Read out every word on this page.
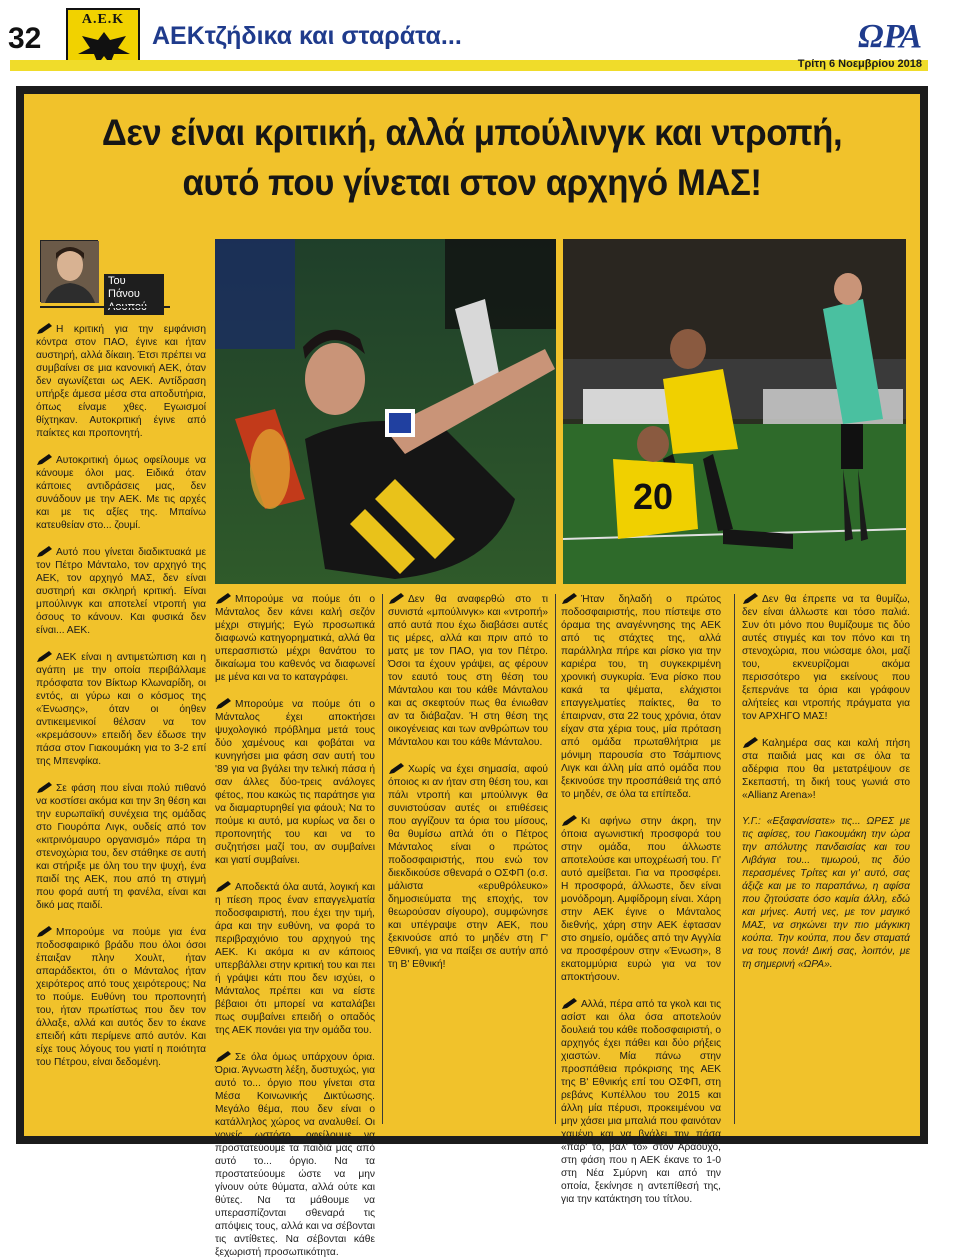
32
Α.Ε.Κ
ΑΕΚτζήδικα και σταράτα...	ΩΡΑ
Τρίτη 6 Νοεμβρίου 2018
Δεν είναι κριτική, αλλά μπούλινγκ και ντροπή,
αυτό που γίνεται στον αρχηγό ΜΑΣ!
Του Πάνου
20

Η κριτική για την εμφάνιση κόντρα στον ΠΑΟ, έγινε και ήταν αυστηρή, αλλά δίκαιη. Έτσι πρέπει να συμβαίνει σε μια κανονική ΑΕΚ, όταν δεν αγωνίζεται ως ΑΕΚ. Αντίδραση υπήρξε άμεσα μέσα στα αποδυτήρια, όπως είναμε χθες. Εγωισμοί θίχτηκαν. Αυτοκριτική έγινε από παίκτες και προπονητή.

Αυτοκριτική όμως οφείλουμε να κάνουμε όλοι μας. Ειδικά όταν κάποιες αντιδράσεις μας, δεν συνάδουν με την ΑΕΚ. Με τις αρχές και με τις αξίες της. Μπαίνω κατευθείαν στο... ζουμί.

Αυτό που γίνεται διαδικτυακά με τον Πέτρο Μάνταλο, τον αρχηγό της ΑΕΚ, τον αρχηγό ΜΑΣ, δεν είναι αυστηρή και σκληρή κριτική. Είναι μπούλινγκ και αποτελεί ντροπή για όσους το κάνουν. Και φυσικά δεν είναι... ΑΕΚ.

ΑΕΚ είναι η αντιμετώπιση και η αγάπη με την οποία περιβάλλαμε πρόσφατα τον Βίκτωρ Κλωναρίδη, οι εντός, αι γύρω και ο κόσμος της «Ένωσης», όταν οι όηθεν αντικειμενικοί θέλσαν να τον «κρεμάσουν» επειδή δεν έδωσε την πάσα στον Γιακουμάκη για το 3-2 επί της Μπενφίκα.

Σε φάση που είναι πολύ πιθανό να κοστίσει ακόμα και την 3η θέση και την ευρωπαϊκή συνέχεια της ομάδας στο Γιουρόπα Λιγκ, ουδείς από τον «κιτρινόμαυρο οργανισμό» πάρα τη στενοχώρια του, δεν στάθηκε σε αυτή και στήριξε με όλη του την ψυχή, ένα παιδί της ΑΕΚ, που από τη στιγμή που φορά αυτή τη φανέλα, είναι και δικό μας παιδί.

Μπορούμε να πούμε για ένα ποδοσφαιρικό βράδυ που όλοι όσοι έπαιξαν πλην Χουλτ, ήταν απαράδεκτοι, ότι ο Μάνταλος ήταν χειρότερος από τους χειρότερους; Να το πούμε. Ευθύνη του προπονητή του, ήταν πρωτίστως που δεν τον άλλαξε, αλλά και αυτός δεν το έκανε επειδή κάτι περίμενε από αυτόν. Και είχε τους λόγους του γιατί η ποιότητα του Πέτρου, είναι δεδομένη.

Μπορούμε να πούμε ότι ο Μάνταλος δεν κάνει καλή σεζόν μέχρι στιγμής; Εγώ προσωπικά διαφωνώ κατηγορηματικά, αλλά θα υπερασπιστώ μέχρι θανάτου το δικαίωμα του καθενός να διαφωνεί με μένα και να το καταγράφει.

Μπορούμε να πούμε ότι ο Μάνταλος έχει αποκτήσει ψυχολογικό πρόβλημα μετά τους δύο χαμένους και φοβάται να κυνηγήσει μια φάση σαν αυτή του '89 για να βγάλει την τελική πάσα ή σαν άλλες δύο-τρεις ανάλογες φέτος, που κακώς τις παράτησε για να διαμαρτυρηθεί για φάουλ; Να το πούμε κι αυτό, μα κυρίως να δει ο προπονητής του και να το συζητήσει μαζί του, αν συμβαίνει και γιατί συμβαίνει.

Αποδεκτά όλα αυτά, λογική και η πίεση προς έναν επαγγελματία ποδοσφαιριστή, που έχει την τιμή, άρα και την ευθύνη, να φορά το περιβραχιόνιο του αρχηγού της ΑΕΚ. Κι ακόμα κι αν κάποιος υπερβάλλει στην κριτική του και πει ή γράψει κάτι που δεν ισχύει, ο Μάνταλος πρέπει και να είστε βέβαιοι ότι μπορεί να καταλάβει πως συμβαίνει επειδή ο οπαδός της ΑΕΚ πονάει για την ομάδα του.

Σε όλα όμως υπάρχουν όρια. Όρια. Άγνωστη λέξη, δυστυχώς, για αυτό το... όργιο που γίνεται στα Μέσα Κοινωνικής Δικτύωσης. Μεγάλο θέμα, που δεν είναι ο κατάλληλος χώρος να αναλυθεί. Οι γονείς ωστόσο, οφείλουμε να προστατεύουμε τα παιδιά μας από αυτό το... όργιο. Να τα προστατεύουμε ώστε να μην γίνουν ούτε θύματα, αλλά ούτε και θύτες. Να τα μάθουμε να υπερασπίζονται σθεναρά τις απόψεις τους, αλλά και να σέβονται τις αντίθετες. Να σέβονται κάθε ξεχωριστή προσωπικότητα.

Δεν θα αναφερθώ στο τι συνιστά «μπούλινγκ» και «ντροπή» από αυτά που έχω διαβάσει αυτές τις μέρες, αλλά και πριν από το ματς με τον ΠΑΟ, για τον Πέτρο. Όσοι τα έχουν γράψει, ας φέρουν τον εαυτό τους στη θέση του Μάνταλου και του κάθε Μάνταλου και ας σκεφτούν πως θα ένιωθαν αν τα διάβαζαν. Ή στη θέση της οικογένειας και των ανθρώπων του Μάνταλου και του κάθε Μάνταλου.

Χωρίς να έχει σημασία, αφού όποιος κι αν ήταν στη θέση του, και πάλι ντροπή και μπούλινγκ θα συνιστούσαν αυτές οι επιθέσεις που αγγίζουν τα όρια του μίσους, θα θυμίσω απλά ότι ο Πέτρος Μάνταλος είναι ο πρώτος ποδοσφαιριστής, που ενώ τον διεκδικούσε σθεναρά ο ΟΣΦΠ (ο.σ. μάλιστα «ερυθρόλευκο» δημοσιεύματα της εποχής, τον θεωρούσαν σίγουρο), συμφώνησε και υπέγραψε στην ΑΕΚ, που ξεκινούσε από το μηδέν στη Γ' Εθνική, για να παίξει σε αυτήν από τη Β' Εθνική!

Ήταν δηλαδή ο πρώτος ποδοσφαιριστής, που πίστεψε στο όραμα της αναγέννησης της ΑΕΚ από τις στάχτες της, αλλά παράλληλα πήρε και ρίσκο για την καριέρα του, τη συγκεκριμένη χρονική συγκυρία. Ένα ρίσκο που κακά τα ψέματα, ελάχιστοι επαγγελματίες παίκτες, θα το έπαιρναν, στα 22 τους χρόνια, όταν είχαν στα χέρια τους, μία πρόταση από ομάδα πρωταθλήτρια με μόνιμη παρουσία στο Τσάμπιονς Λιγκ και άλλη μία από ομάδα που ξεκινούσε την προσπάθειά της από το μηδέν, σε όλα τα επίπεδα.

Κι αφήνω στην άκρη, την όποια αγωνιστική προσφορά του στην ομάδα, που άλλωστε αποτελούσε και υποχρέωσή του. Γι' αυτό αμείβεται. Για να προσφέρει. Η προσφορά, άλλωστε, δεν είναι μονόδρομη. Αμφίδρομη είναι. Χάρη στην ΑΕΚ έγινε ο Μάνταλος διεθνής, χάρη στην ΑΕΚ έφτασαν στο σημείο, ομάδες από την Αγγλία να προσφέρουν στην «Ένωση», 8 εκατομμύρια ευρώ για να τον αποκτήσουν.

Αλλά, πέρα από τα γκολ και τις ασίστ και όλα όσα αποτελούν δουλειά του κάθε ποδοσφαιριστή, ο αρχηγός έχει πάθει και δύο ρήξεις χιαστών. Μία πάνω στην προσπάθεια πρόκρισης της ΑΕΚ της Β' Εθνικής επί του ΟΣΦΠ, στη ρεβάνς Κυπέλλου του 2015 και άλλη μία πέρυσι, προκειμένου να μην χάσει μια μπαλιά που φαινόταν χαμένη και να βγάλει την πάσα «παρ' το, βάλ' το» στον Αραούχο, στη φάση που η ΑΕΚ έκανε το 1-0 στη Νέα Σμύρνη και από την οποία, ξεκίνησε η αντεπίθεσή της, για την κατάκτηση του τίτλου.

Δεν θα έπρεπε να τα θυμίζω, δεν είναι άλλωστε και τόσο παλιά. Συν ότι μόνο που θυμίζουμε τις δύο αυτές στιγμές και τον πόνο και τη στενοχώρια, που νιώσαμε όλοι, μαζί του, εκνευρίζομαι ακόμα περισσότερο για εκείνους που ξεπερνάνε τα όρια και γράφουν αλήτείες και ντροπής πράγματα για τον ΑΡΧΗΓΟ ΜΑΣ!

Καλημέρα σας και καλή πήση στα παιδιά μας και σε όλα τα αδέρφια που θα μετατρέψουν σε Σκεπαστή, τη δική τους γωνιά στο «Allianz Arena»!

Υ.Γ.: «Εξαφανίσατε» τις... ΩΡΕΣ με τις αφίσες, του Γιακουμάκη την ώρα την απόλυτης πανδαισίας και του Λιβάγια του... τιμωρού, τις δύο περασμένες Τρίτες και γι' αυτό, σας άξιζε και με το παραπάνω, η αφίσα που ζητούσατε όσο καμία άλλη, εδώ και μήνες. Αυτή νες, με τον μαγικό ΜΑΣ, να σηκώνει την πιο μάγκικη κούπα. Την κούπα, που δεν σταματά να τους πονά! Δική σας, λοιπόν, με τη σημερινή «ΩΡΑ».
